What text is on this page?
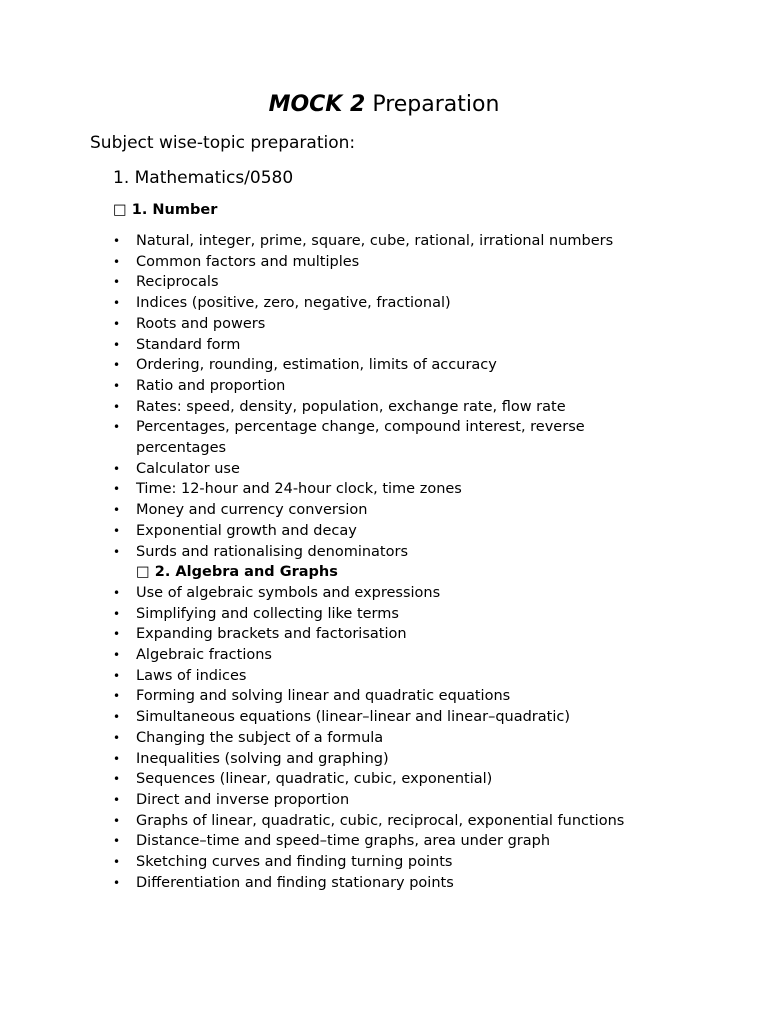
MOCK 2 Preparation
Subject wise-topic preparation:
1. Mathematics/0580
□ 1. Number
• Natural, integer, prime, square, cube, rational, irrational numbers
• Common factors and multiples
• Reciprocals
• Indices (positive, zero, negative, fractional)
• Roots and powers
• Standard form
• Ordering, rounding, estimation, limits of accuracy
• Ratio and proportion
• Rates: speed, density, population, exchange rate, flow rate
• Percentages, percentage change, compound interest, reverse percentages
• Calculator use
• Time: 12-hour and 24-hour clock, time zones
• Money and currency conversion
• Exponential growth and decay
• Surds and rationalising denominators
□ 2. Algebra and Graphs
• Use of algebraic symbols and expressions
• Simplifying and collecting like terms
• Expanding brackets and factorisation
• Algebraic fractions
• Laws of indices
• Forming and solving linear and quadratic equations
• Simultaneous equations (linear–linear and linear–quadratic)
• Changing the subject of a formula
• Inequalities (solving and graphing)
• Sequences (linear, quadratic, cubic, exponential)
• Direct and inverse proportion
• Graphs of linear, quadratic, cubic, reciprocal, exponential functions
• Distance–time and speed–time graphs, area under graph
• Sketching curves and finding turning points
• Differentiation and finding stationary points
